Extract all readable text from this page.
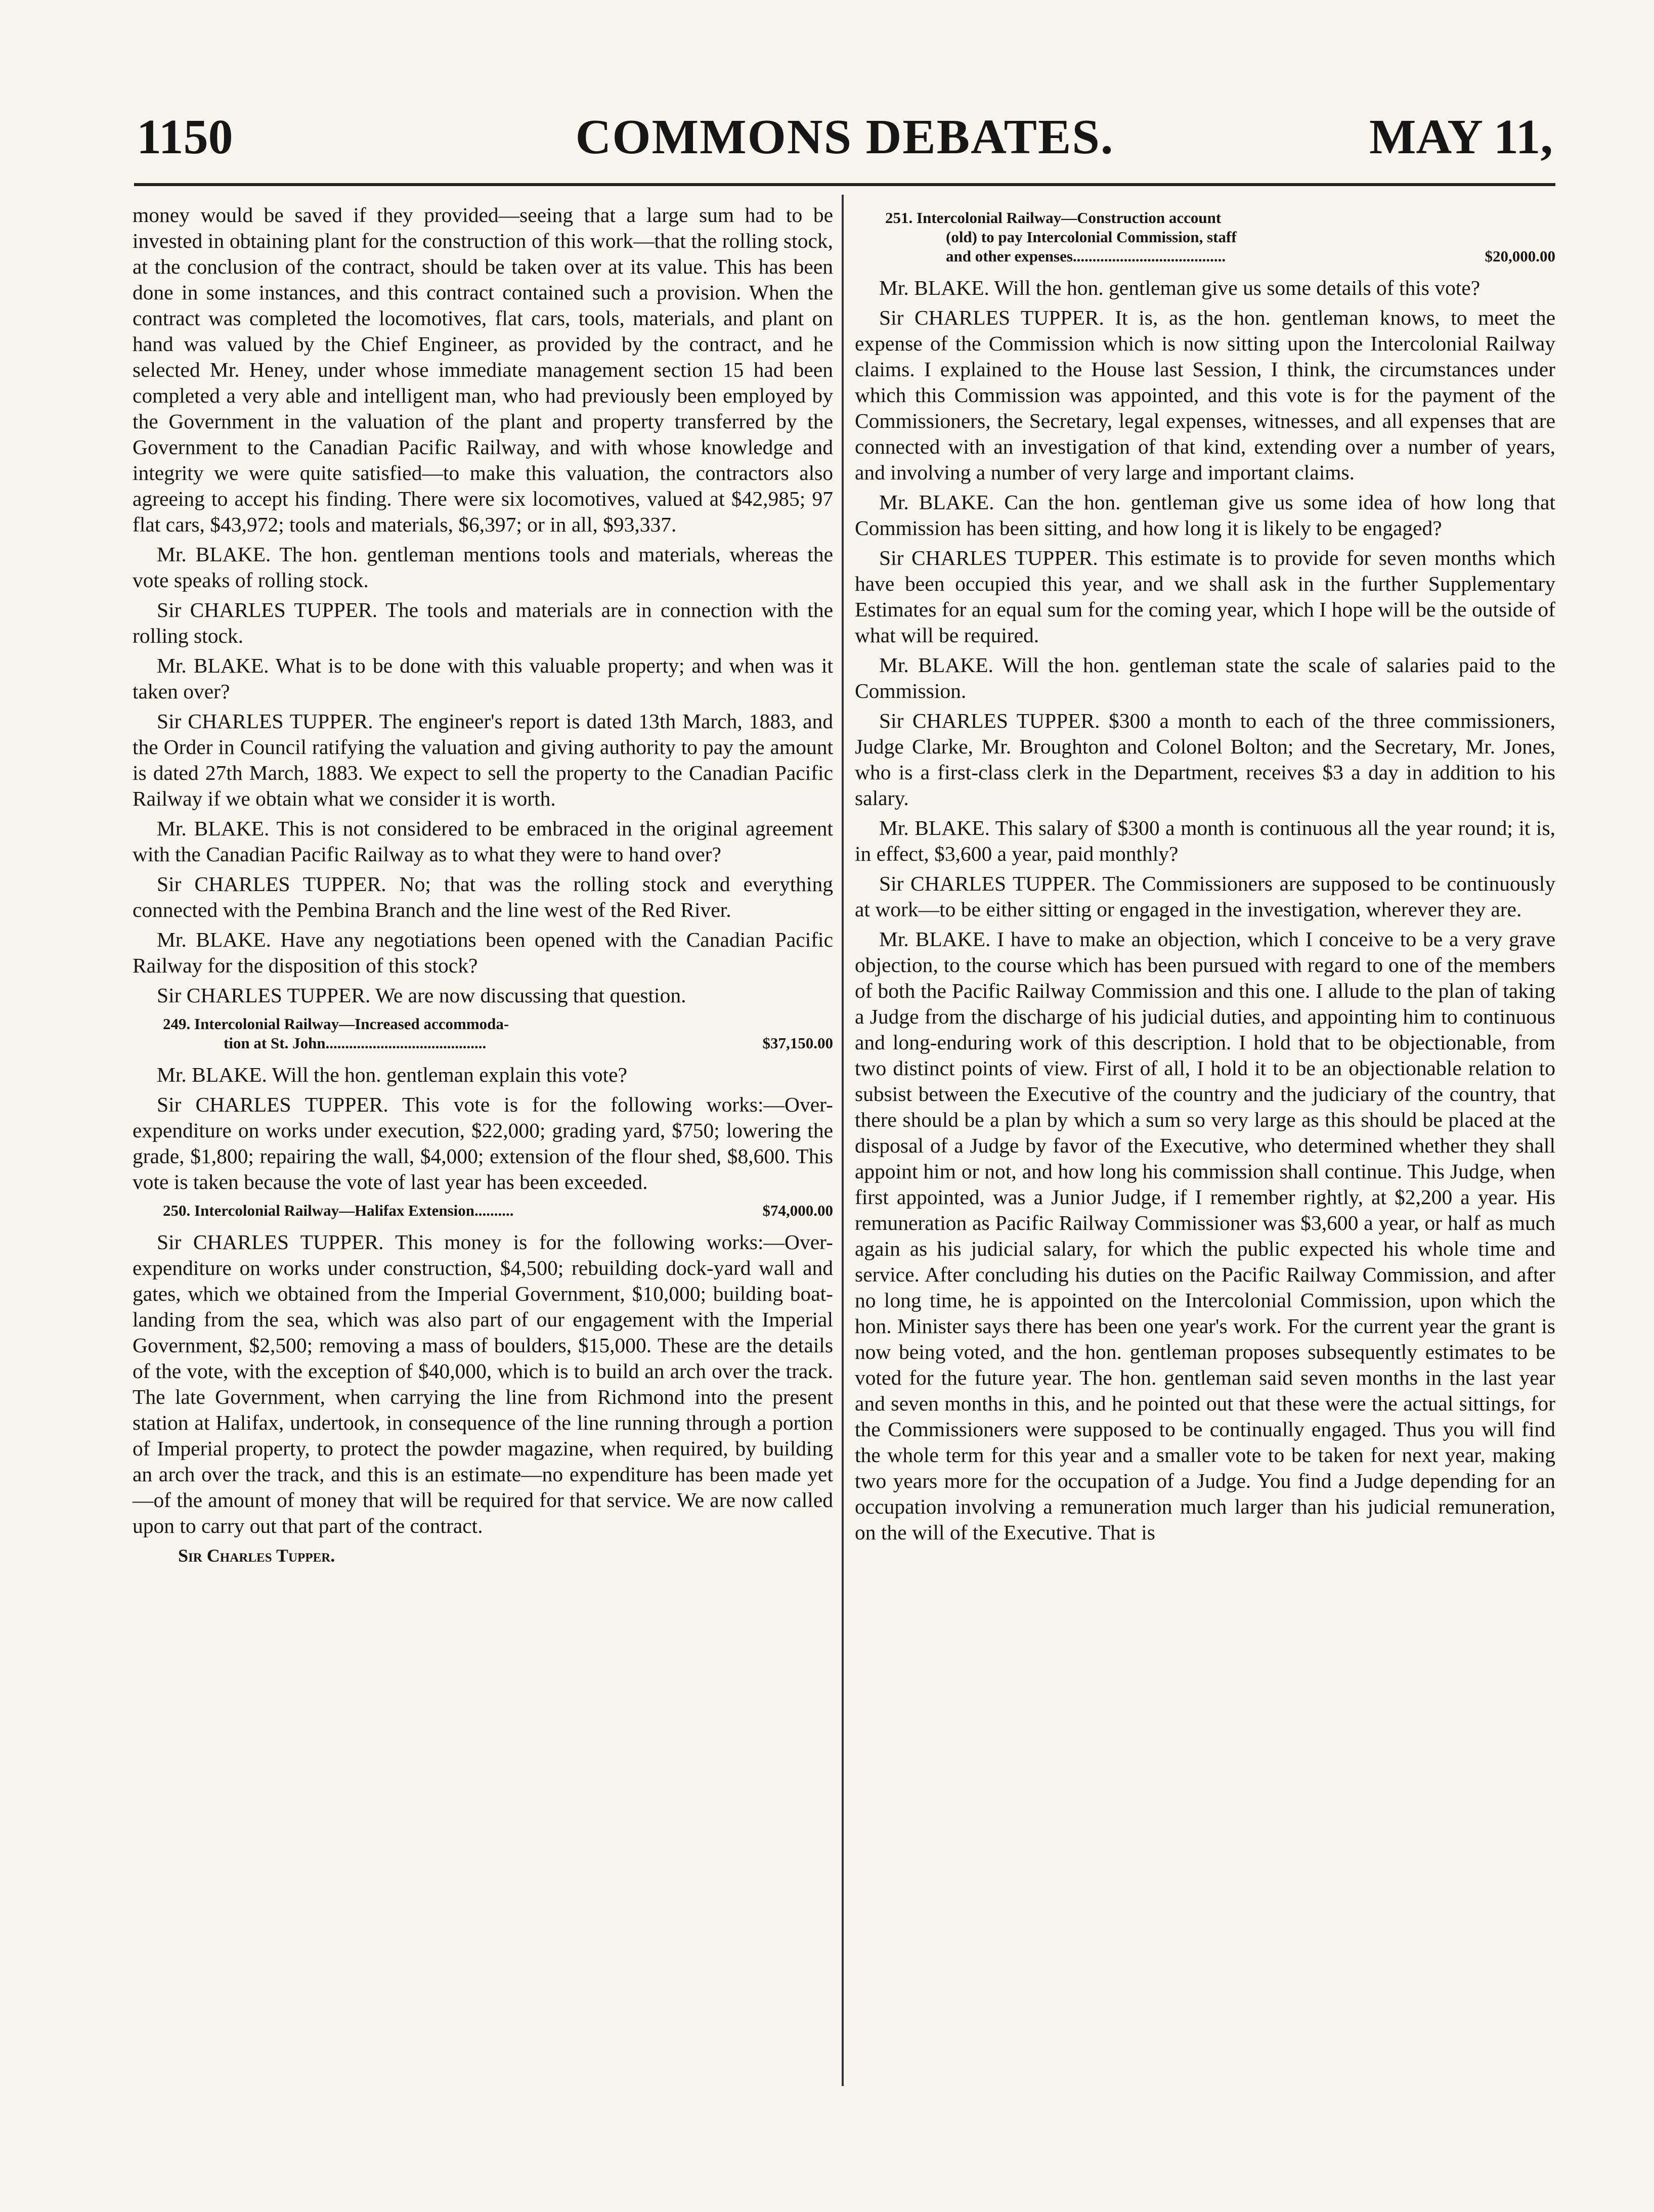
1150	COMMONS DEBATES.	MAY 11,

money would be saved if they provided—seeing that a large sum had to be invested in obtaining plant for the construction of this work—that the rolling stock, at the conclusion of the contract, should be taken over at its value. This has been done in some instances, and this contract contained such a provision. When the contract was completed the locomotives, flat cars, tools, materials, and plant on hand was valued by the Chief Engineer, as provided by the contract, and he selected Mr. Heney, under whose immediate management section 15 had been completed a very able and intelligent man, who had previously been employed by the Government in the valuation of the plant and property transferred by the Government to the Canadian Pacific Railway, and with whose knowledge and integrity we were quite satisfied—to make this valuation, the contractors also agreeing to accept his finding. There were six locomotives, valued at $42,985; 97 flat cars, $43,972; tools and materials, $6,397; or in all, $93,337.

Mr. BLAKE. The hon. gentleman mentions tools and materials, whereas the vote speaks of rolling stock.

Sir CHARLES TUPPER. The tools and materials are in connection with the rolling stock.

Mr. BLAKE. What is to be done with this valuable property; and when was it taken over?

Sir CHARLES TUPPER. The engineer's report is dated 13th March, 1883, and the Order in Council ratifying the valuation and giving authority to pay the amount is dated 27th March, 1883. We expect to sell the property to the Canadian Pacific Railway if we obtain what we consider it is worth.

Mr. BLAKE. This is not considered to be embraced in the original agreement with the Canadian Pacific Railway as to what they were to hand over?

Sir CHARLES TUPPER. No; that was the rolling stock and everything connected with the Pembina Branch and the line west of the Red River.

Mr. BLAKE. Have any negotiations been opened with the Canadian Pacific Railway for the disposition of this stock?

Sir CHARLES TUPPER. We are now discussing that question.

249. Intercolonial Railway—Increased accommoda-
tion at St. John.........................................	$37,150.00

Mr. BLAKE. Will the hon. gentleman explain this vote?

Sir CHARLES TUPPER. This vote is for the following works:—Over-expenditure on works under execution, $22,000; grading yard, $750; lowering the grade, $1,800; repairing the wall, $4,000; extension of the flour shed, $8,600. This vote is taken because the vote of last year has been exceeded.

250. Intercolonial Railway—Halifax Extension..........	$74,000.00

Sir CHARLES TUPPER. This money is for the following works:—Over-expenditure on works under construction, $4,500; rebuilding dock-yard wall and gates, which we obtained from the Imperial Government, $10,000; building boat-landing from the sea, which was also part of our engagement with the Imperial Government, $2,500; removing a mass of boulders, $15,000. These are the details of the vote, with the exception of $40,000, which is to build an arch over the track. The late Government, when carrying the line from Richmond into the present station at Halifax, undertook, in consequence of the line running through a portion of Imperial property, to protect the powder magazine, when required, by building an arch over the track, and this is an estimate—no expenditure has been made yet—of the amount of money that will be required for that service. We are now called upon to carry out that part of the contract.

Sir Charles Tupper.
251. Intercolonial Railway—Construction account
(old) to pay Intercolonial Commission, staff
and other expenses.......................................	$20,000.00

Mr. BLAKE. Will the hon. gentleman give us some details of this vote?

Sir CHARLES TUPPER. It is, as the hon. gentleman knows, to meet the expense of the Commission which is now sitting upon the Intercolonial Railway claims. I explained to the House last Session, I think, the circumstances under which this Commission was appointed, and this vote is for the payment of the Commissioners, the Secretary, legal expenses, witnesses, and all expenses that are connected with an investigation of that kind, extending over a number of years, and involving a number of very large and important claims.

Mr. BLAKE. Can the hon. gentleman give us some idea of how long that Commission has been sitting, and how long it is likely to be engaged?

Sir CHARLES TUPPER. This estimate is to provide for seven months which have been occupied this year, and we shall ask in the further Supplementary Estimates for an equal sum for the coming year, which I hope will be the outside of what will be required.

Mr. BLAKE. Will the hon. gentleman state the scale of salaries paid to the Commission.

Sir CHARLES TUPPER. $300 a month to each of the three commissioners, Judge Clarke, Mr. Broughton and Colonel Bolton; and the Secretary, Mr. Jones, who is a first-class clerk in the Department, receives $3 a day in addition to his salary.

Mr. BLAKE. This salary of $300 a month is continuous all the year round; it is, in effect, $3,600 a year, paid monthly?

Sir CHARLES TUPPER. The Commissioners are supposed to be continuously at work—to be either sitting or engaged in the investigation, wherever they are.

Mr. BLAKE. I have to make an objection, which I conceive to be a very grave objection, to the course which has been pursued with regard to one of the members of both the Pacific Railway Commission and this one. I allude to the plan of taking a Judge from the discharge of his judicial duties, and appointing him to continuous and long-enduring work of this description. I hold that to be objectionable, from two distinct points of view. First of all, I hold it to be an objectionable relation to subsist between the Executive of the country and the judiciary of the country, that there should be a plan by which a sum so very large as this should be placed at the disposal of a Judge by favor of the Executive, who determined whether they shall appoint him or not, and how long his commission shall continue. This Judge, when first appointed, was a Junior Judge, if I remember rightly, at $2,200 a year. His remuneration as Pacific Railway Commissioner was $3,600 a year, or half as much again as his judicial salary, for which the public expected his whole time and service. After concluding his duties on the Pacific Railway Commission, and after no long time, he is appointed on the Intercolonial Commission, upon which the hon. Minister says there has been one year's work. For the current year the grant is now being voted, and the hon. gentleman proposes subsequently estimates to be voted for the future year. The hon. gentleman said seven months in the last year and seven months in this, and he pointed out that these were the actual sittings, for the Commissioners were supposed to be continually engaged. Thus you will find the whole term for this year and a smaller vote to be taken for next year, making two years more for the occupation of a Judge. You find a Judge depending for an occupation involving a remuneration much larger than his judicial remuneration, on the will of the Executive. That is
